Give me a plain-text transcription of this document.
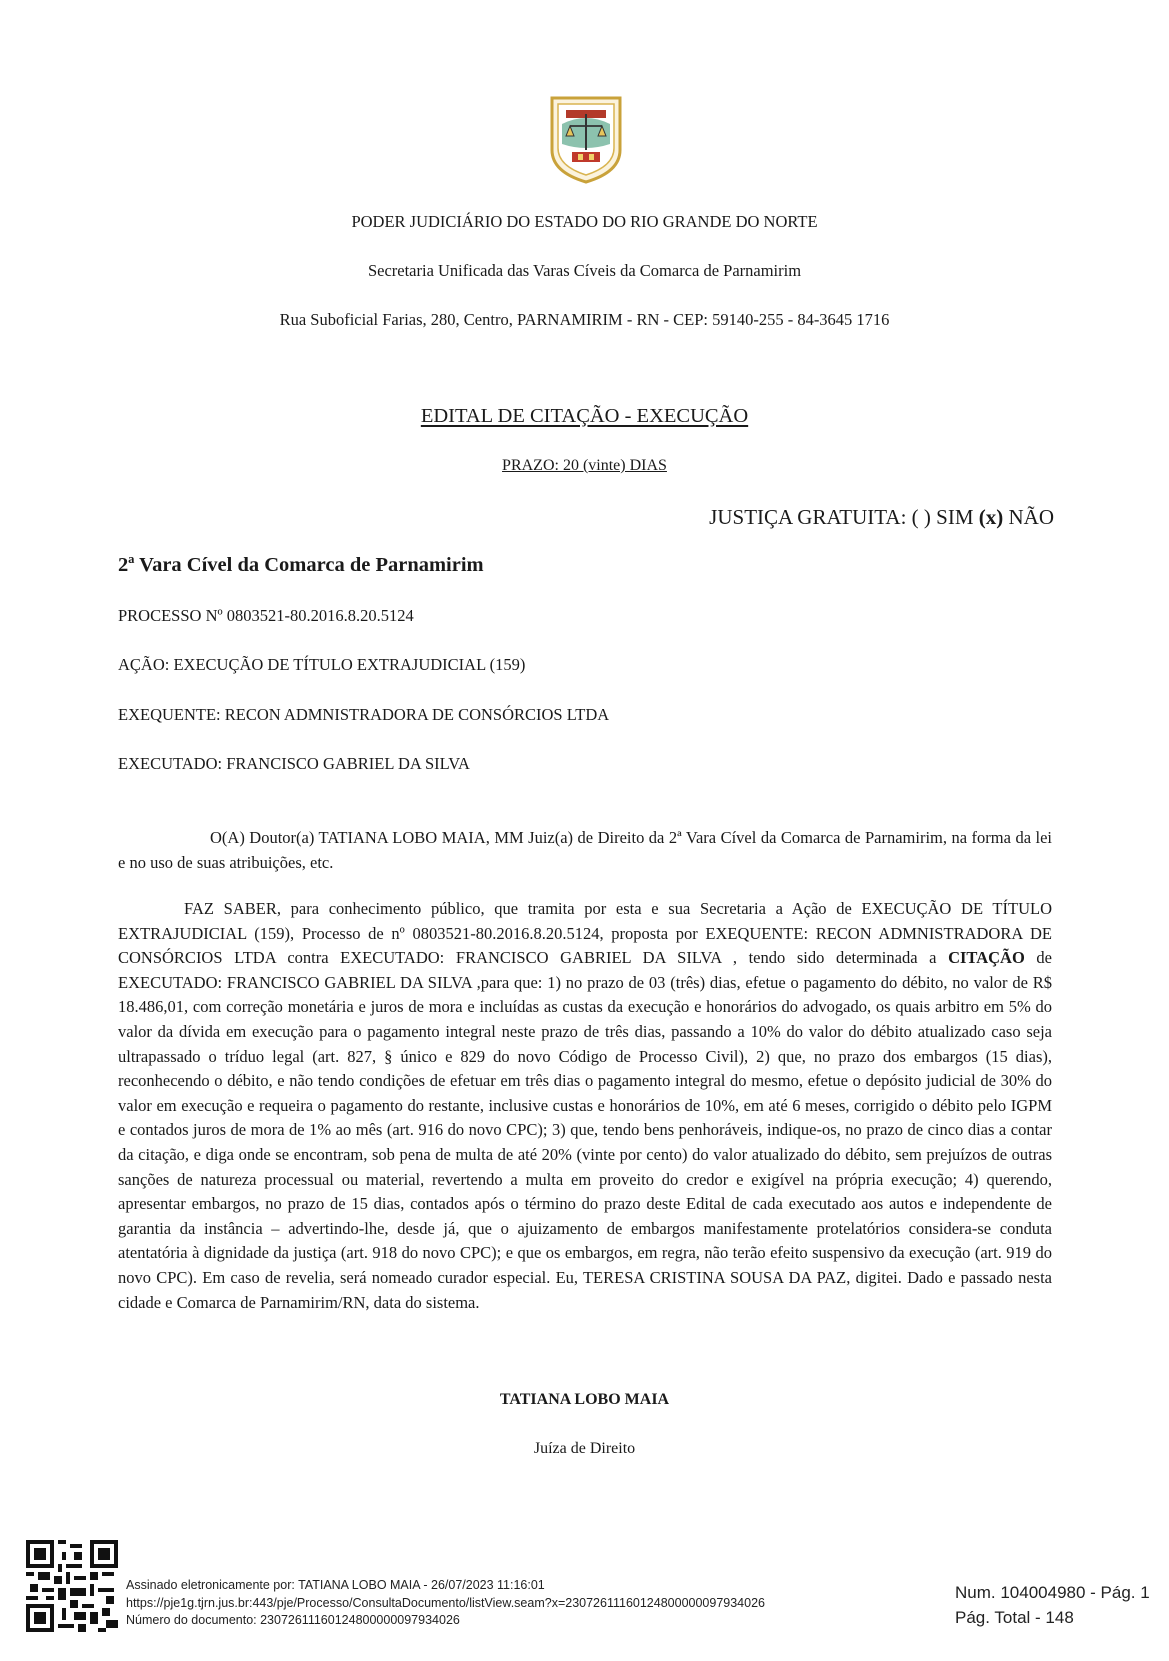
PODER JUDICIÁRIO DO ESTADO DO RIO GRANDE DO NORTE
Secretaria Unificada das Varas Cíveis da Comarca de Parnamirim
Rua Suboficial Farias, 280, Centro, PARNAMIRIM - RN - CEP: 59140-255 - 84-3645 1716
EDITAL DE CITAÇÃO - EXECUÇÃO
PRAZO: 20 (vinte) DIAS
JUSTIÇA GRATUITA: ( ) SIM (x) NÃO
2ª Vara Cível da Comarca de Parnamirim
PROCESSO Nº 0803521-80.2016.8.20.5124
AÇÃO: EXECUÇÃO DE TÍTULO EXTRAJUDICIAL (159)
EXEQUENTE: RECON ADMNISTRADORA DE CONSÓRCIOS LTDA
EXECUTADO: FRANCISCO GABRIEL DA SILVA
O(A) Doutor(a) TATIANA LOBO MAIA, MM Juiz(a) de Direito da 2ª Vara Cível da Comarca de Parnamirim, na forma da lei e no uso de suas atribuições, etc.
FAZ SABER, para conhecimento público, que tramita por esta e sua Secretaria a Ação de EXECUÇÃO DE TÍTULO EXTRAJUDICIAL (159), Processo de nº 0803521-80.2016.8.20.5124, proposta por EXEQUENTE: RECON ADMNISTRADORA DE CONSÓRCIOS LTDA contra EXECUTADO: FRANCISCO GABRIEL DA SILVA , tendo sido determinada a CITAÇÃO de EXECUTADO: FRANCISCO GABRIEL DA SILVA ,para que: 1) no prazo de 03 (três) dias, efetue o pagamento do débito, no valor de R$ 18.486,01, com correção monetária e juros de mora e incluídas as custas da execução e honorários do advogado, os quais arbitro em 5% do valor da dívida em execução para o pagamento integral neste prazo de três dias, passando a 10% do valor do débito atualizado caso seja ultrapassado o tríduo legal (art. 827, § único e 829 do novo Código de Processo Civil), 2) que, no prazo dos embargos (15 dias), reconhecendo o débito, e não tendo condições de efetuar em três dias o pagamento integral do mesmo, efetue o depósito judicial de 30% do valor em execução e requeira o pagamento do restante, inclusive custas e honorários de 10%, em até 6 meses, corrigido o débito pelo IGPM e contados juros de mora de 1% ao mês (art. 916 do novo CPC); 3) que, tendo bens penhoráveis, indique-os, no prazo de cinco dias a contar da citação, e diga onde se encontram, sob pena de multa de até 20% (vinte por cento) do valor atualizado do débito, sem prejuízos de outras sanções de natureza processual ou material, revertendo a multa em proveito do credor e exigível na própria execução; 4) querendo, apresentar embargos, no prazo de 15 dias, contados após o término do prazo deste Edital de cada executado aos autos e independente de garantia da instância – advertindo-lhe, desde já, que o ajuizamento de embargos manifestamente protelatórios considera-se conduta atentatória à dignidade da justiça (art. 918 do novo CPC); e que os embargos, em regra, não terão efeito suspensivo da execução (art. 919 do novo CPC). Em caso de revelia, será nomeado curador especial. Eu, TERESA CRISTINA SOUSA DA PAZ, digitei. Dado e passado nesta cidade e Comarca de Parnamirim/RN, data do sistema.
TATIANA LOBO MAIA
Juíza de Direito
Assinado eletronicamente por: TATIANA LOBO MAIA - 26/07/2023 11:16:01
https://pje1g.tjrn.jus.br:443/pje/Processo/ConsultaDocumento/listView.seam?x=23072611160124800000097934026
Número do documento: 23072611160124800000097934026
Num. 104004980 - Pág. 1
Pág. Total - 148
